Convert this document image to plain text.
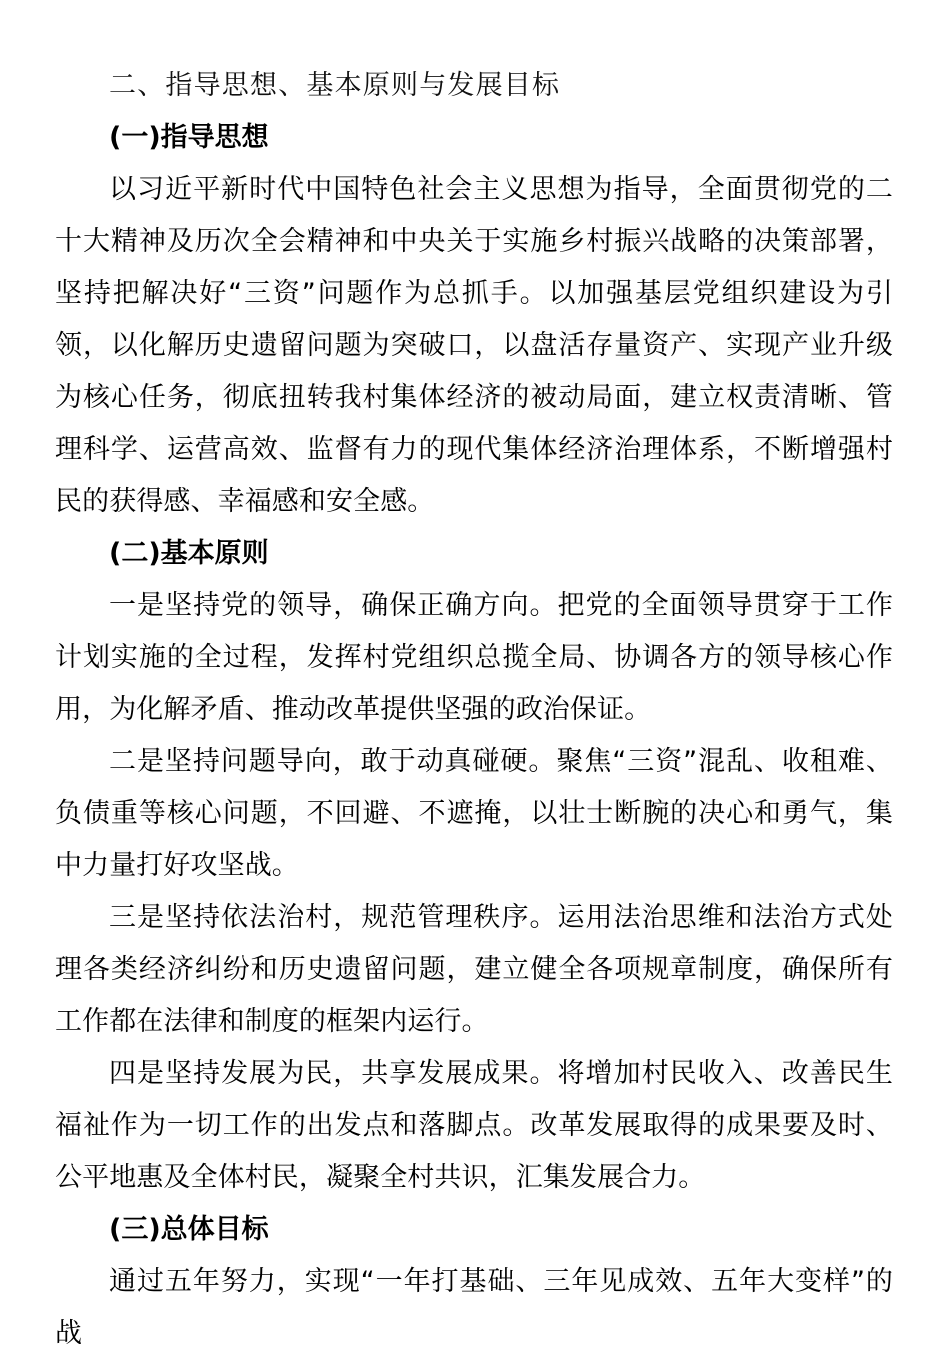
二、指导思想、基本原则与发展目标
(一)指导思想

以习近平新时代中国特色社会主义思想为指导，全面贯彻党的二十大精神及历次全会精神和中央关于实施乡村振兴战略的决策部署，坚持把解决好“三资”问题作为总抓手。以加强基层党组织建设为引领，以化解历史遗留问题为突破口，以盘活存量资产、实现产业升级为核心任务，彻底扭转我村集体经济的被动局面，建立权责清晰、管理科学、运营高效、监督有力的现代集体经济治理体系，不断增强村民的获得感、幸福感和安全感。

(二)基本原则

一是坚持党的领导，确保正确方向。把党的全面领导贯穿于工作计划实施的全过程，发挥村党组织总揽全局、协调各方的领导核心作用，为化解矛盾、推动改革提供坚强的政治保证。

二是坚持问题导向，敢于动真碰硬。聚焦“三资”混乱、收租难、负债重等核心问题，不回避、不遮掩，以壮士断腕的决心和勇气，集中力量打好攻坚战。

三是坚持依法治村，规范管理秩序。运用法治思维和法治方式处理各类经济纠纷和历史遗留问题，建立健全各项规章制度，确保所有工作都在法律和制度的框架内运行。

四是坚持发展为民，共享发展成果。将增加村民收入、改善民生福祉作为一切工作的出发点和落脚点。改革发展取得的成果要及时、公平地惠及全体村民，凝聚全村共识，汇集发展合力。

(三)总体目标

通过五年努力，实现“一年打基础、三年见成效、五年大变样”的战
